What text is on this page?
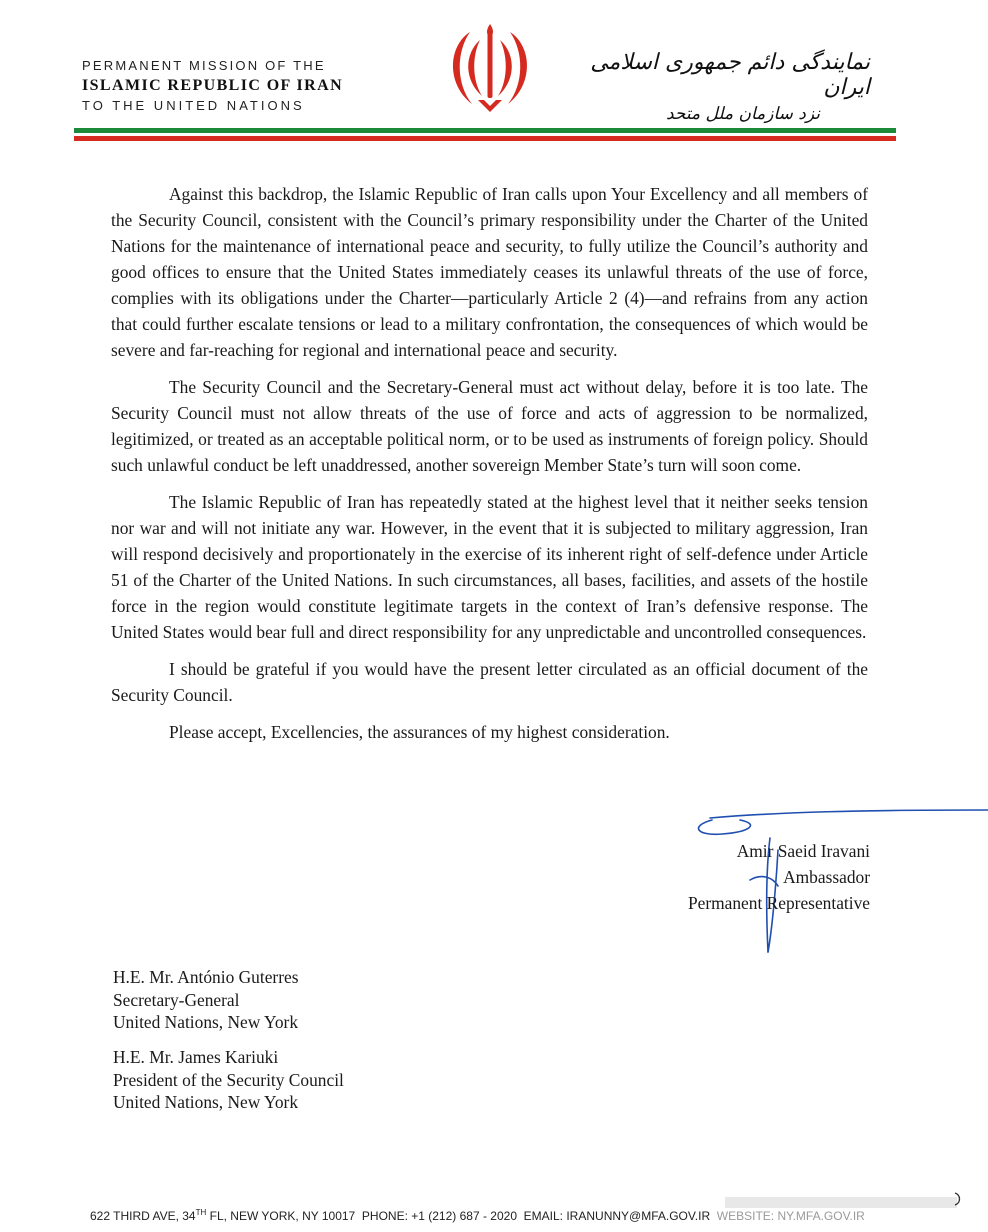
PERMANENT MISSION OF THE

ISLAMIC REPUBLIC OF IRAN

TO THE UNITED NATIONS

نمایندگی دائم جمهوری اسلامی ایران

نزد سازمان ملل متحد

Against this backdrop, the Islamic Republic of Iran calls upon Your Excellency and all members of the Security Council, consistent with the Council’s primary responsibility under the Charter of the United Nations for the maintenance of international peace and security, to fully utilize the Council’s authority and good offices to ensure that the United States immediately ceases its unlawful threats of the use of force, complies with its obligations under the Charter—particularly Article 2 (4)—and refrains from any action that could further escalate tensions or lead to a military confrontation, the consequences of which would be severe and far-reaching for regional and international peace and security.

The Security Council and the Secretary-General must act without delay, before it is too late. The Security Council must not allow threats of the use of force and acts of aggression to be normalized, legitimized, or treated as an acceptable political norm, or to be used as instruments of foreign policy. Should such unlawful conduct be left unaddressed, another sovereign Member State’s turn will soon come.

The Islamic Republic of Iran has repeatedly stated at the highest level that it neither seeks tension nor war and will not initiate any war. However, in the event that it is subjected to military aggression, Iran will respond decisively and proportionately in the exercise of its inherent right of self-defence under Article 51 of the Charter of the United Nations. In such circumstances, all bases, facilities, and assets of the hostile force in the region would constitute legitimate targets in the context of Iran’s defensive response. The United States would bear full and direct responsibility for any unpredictable and uncontrolled consequences.

I should be grateful if you would have the present letter circulated as an official document of the Security Council.

Please accept, Excellencies, the assurances of my highest consideration.

Amir Saeid Iravani

Ambassador

Permanent Representative

H.E. Mr. António Guterres

Secretary-General

United Nations, New York

H.E. Mr. James Kariuki

President of the Security Council

United Nations, New York

622 THIRD AVE, 34TH FL, NEW YORK, NY 10017 PHONE: +1 (212) 687 - 2020 EMAIL: IRANUNNY@MFA.GOV.IR WEBSITE: NY.MFA.GOV.IR
